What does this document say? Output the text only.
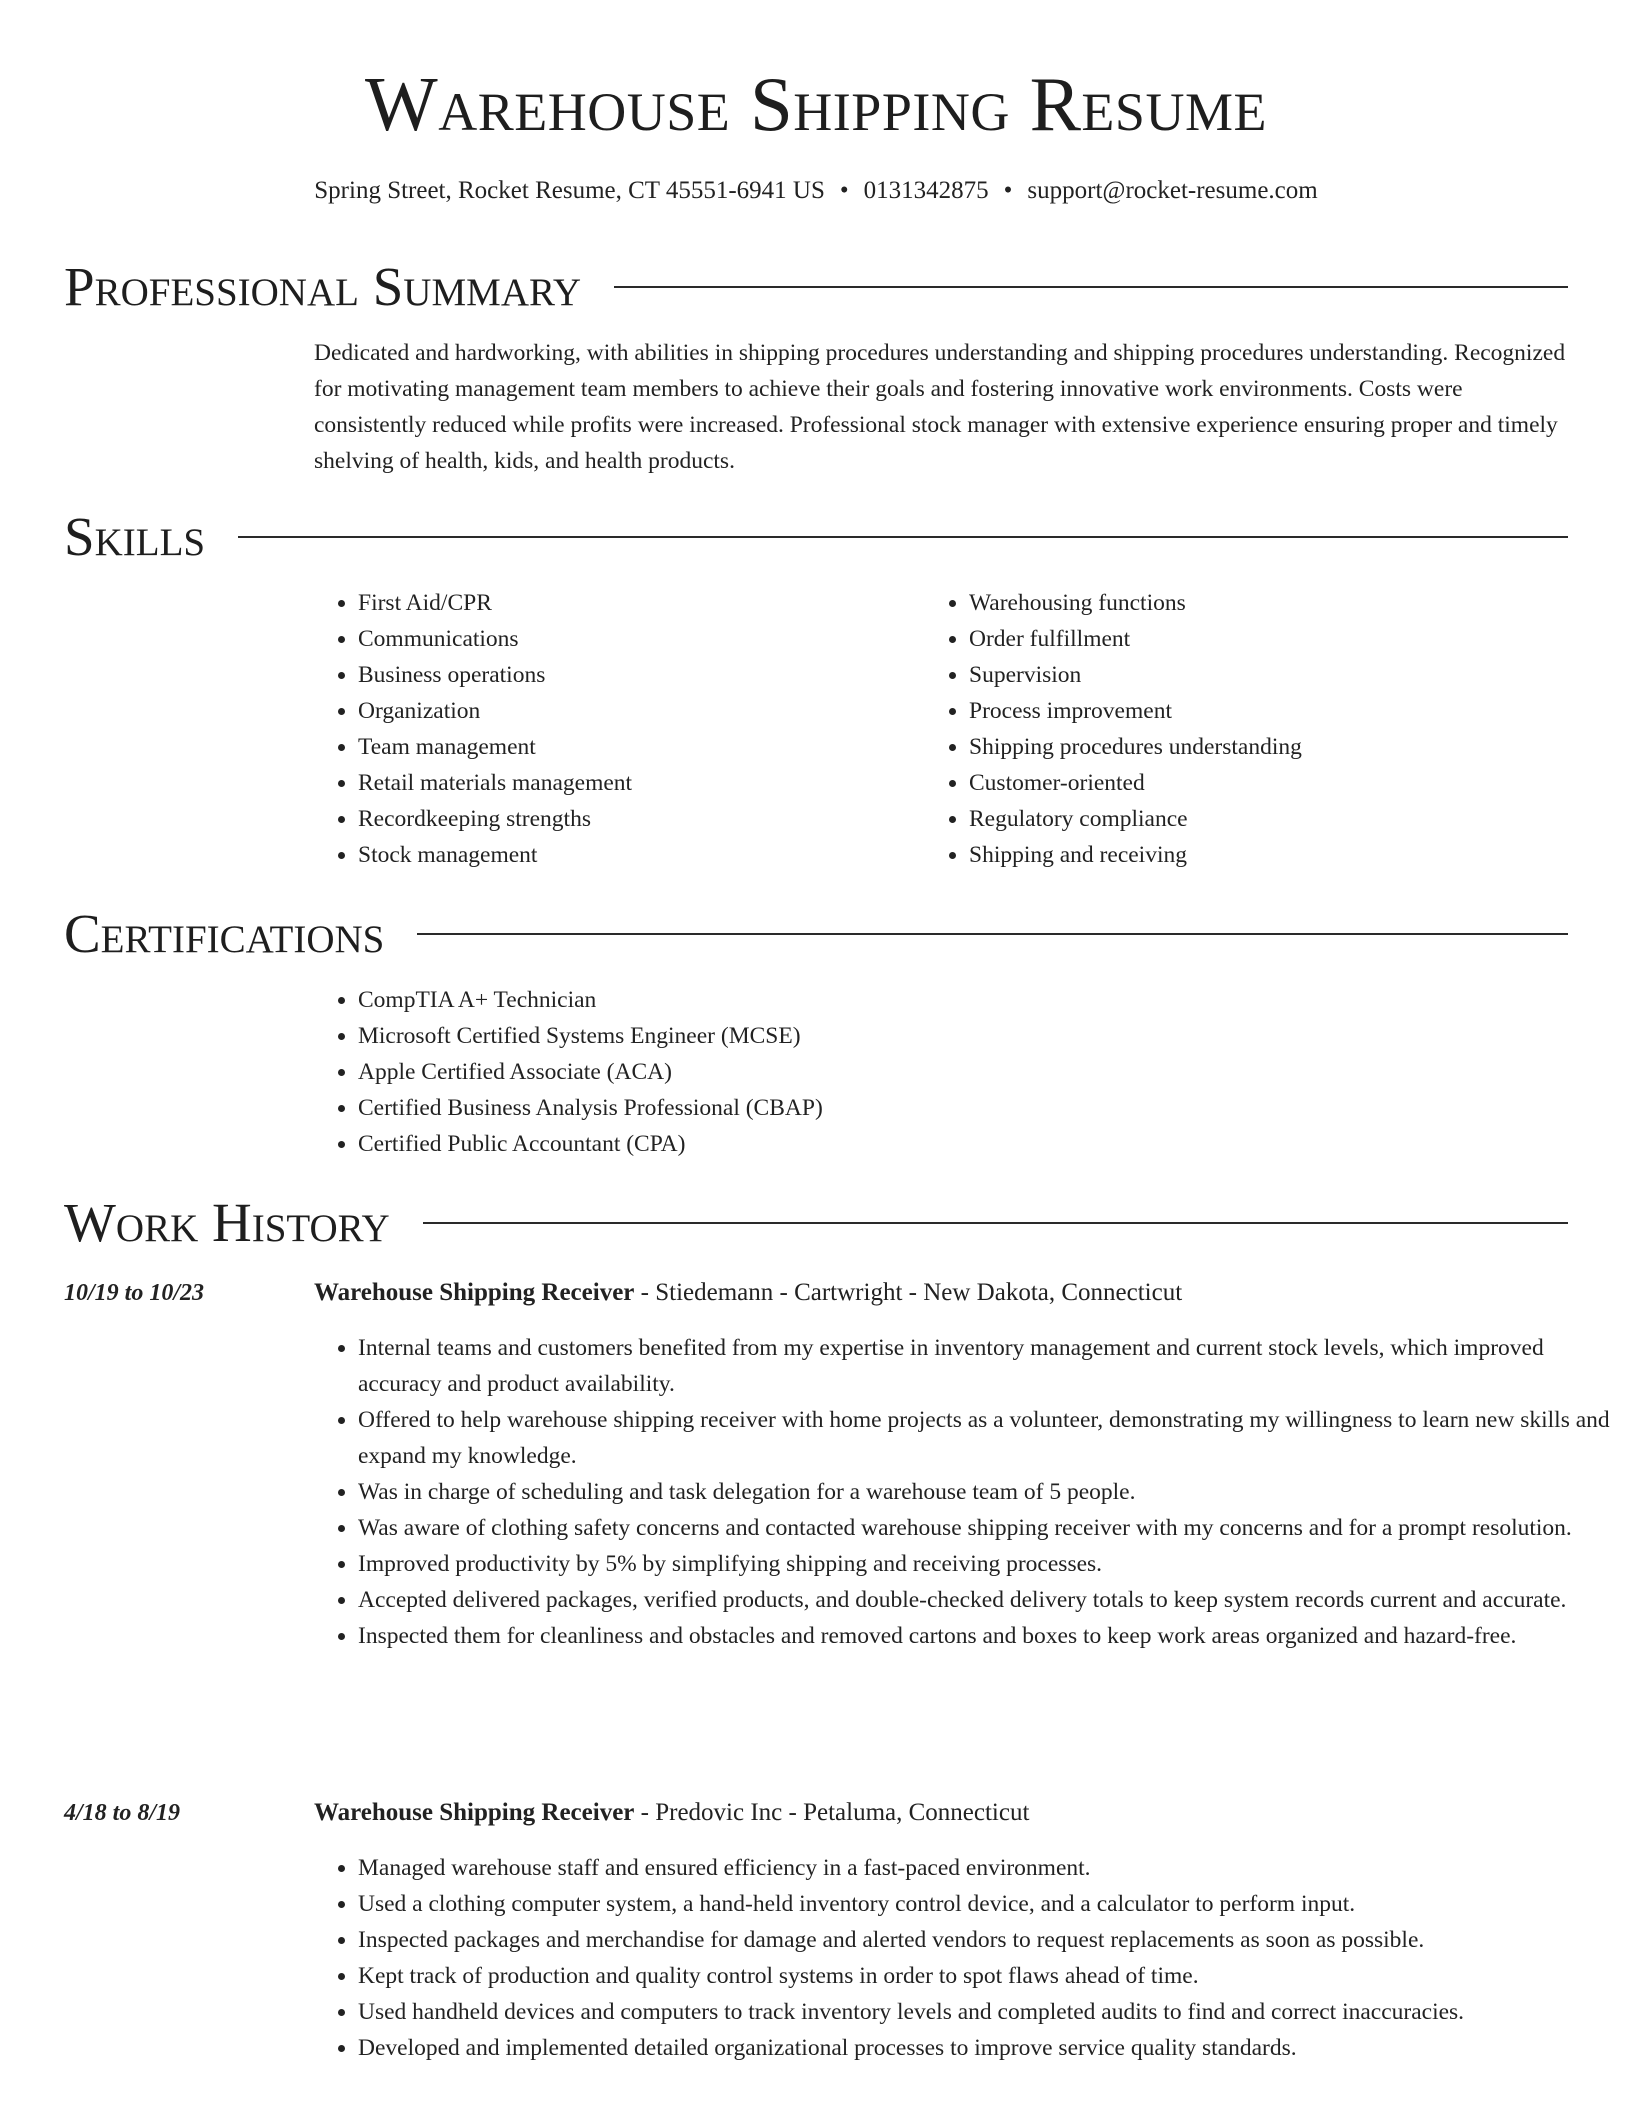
Warehouse Shipping Resume
Spring Street, Rocket Resume, CT 45551-6941 US • 0131342875 • support@rocket-resume.com
Professional Summary

Dedicated and hardworking, with abilities in shipping procedures understanding and shipping procedures understanding. Recognized for motivating management team members to achieve their goals and fostering innovative work environments. Costs were consistently reduced while profits were increased. Professional stock manager with extensive experience ensuring proper and timely shelving of health, kids, and health products.

Skills
• First Aid/CPR
• Communications
• Business operations
• Organization
• Team management
• Retail materials management
• Recordkeeping strengths
• Stock management
• Warehousing functions
• Order fulfillment
• Supervision
• Process improvement
• Shipping procedures understanding
• Customer-oriented
• Regulatory compliance
• Shipping and receiving
Certifications
• CompTIA A+ Technician
• Microsoft Certified Systems Engineer (MCSE)
• Apple Certified Associate (ACA)
• Certified Business Analysis Professional (CBAP)
• Certified Public Accountant (CPA)
Work History
10/19 to 10/23	Warehouse Shipping Receiver - Stiedemann - Cartwright - New Dakota, Connecticut
• Internal teams and customers benefited from my expertise in inventory management and current stock levels, which improved accuracy and product availability.
• Offered to help warehouse shipping receiver with home projects as a volunteer, demonstrating my willingness to learn new skills and expand my knowledge.
• Was in charge of scheduling and task delegation for a warehouse team of 5 people.
• Was aware of clothing safety concerns and contacted warehouse shipping receiver with my concerns and for a prompt resolution.
• Improved productivity by 5% by simplifying shipping and receiving processes.
• Accepted delivered packages, verified products, and double-checked delivery totals to keep system records current and accurate.
• Inspected them for cleanliness and obstacles and removed cartons and boxes to keep work areas organized and hazard-free.
4/18 to 8/19	Warehouse Shipping Receiver - Predovic Inc - Petaluma, Connecticut
• Managed warehouse staff and ensured efficiency in a fast-paced environment.
• Used a clothing computer system, a hand-held inventory control device, and a calculator to perform input.
• Inspected packages and merchandise for damage and alerted vendors to request replacements as soon as possible.
• Kept track of production and quality control systems in order to spot flaws ahead of time.
• Used handheld devices and computers to track inventory levels and completed audits to find and correct inaccuracies.
• Developed and implemented detailed organizational processes to improve service quality standards.
